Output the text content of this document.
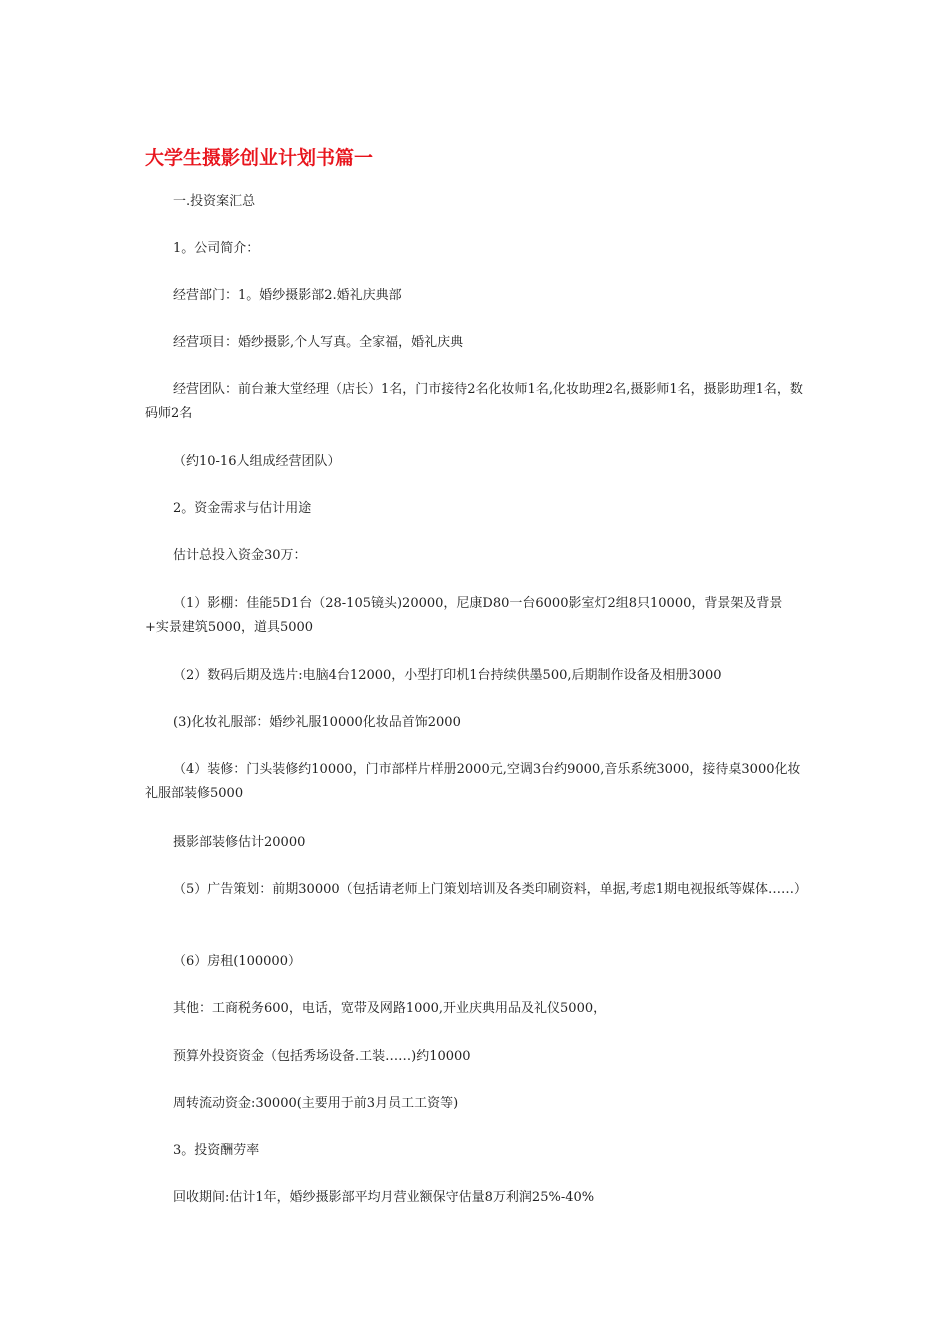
大学生摄影创业计划书篇一

一.投资案汇总

1。公司简介：

经营部门：1。婚纱摄影部2.婚礼庆典部

经营项目：婚纱摄影,个人写真。全家福，婚礼庆典

经营团队：前台兼大堂经理（店长）1名，门市接待2名化妆师1名,化妆助理2名,摄影师1名，摄影助理1名，数码师2名

（约10-16人组成经营团队）

2。资金需求与估计用途

估计总投入资金30万：

（1）影棚：佳能5D1台（28-105镜头)20000，尼康D80一台6000影室灯2组8只10000，背景架及背景+实景建筑5000，道具5000

（2）数码后期及选片:电脑4台12000，小型打印机1台持续供墨500,后期制作设备及相册3000

(3)化妆礼服部：婚纱礼服10000化妆品首饰2000

（4）装修：门头装修约10000，门市部样片样册2000元,空调3台约9000,音乐系统3000，接待桌3000化妆礼服部装修5000

摄影部装修估计20000

（5）广告策划：前期30000（包括请老师上门策划培训及各类印刷资料，单据,考虑1期电视报纸等媒体……）

（6）房租(100000）

其他：工商税务600，电话，宽带及网路1000,开业庆典用品及礼仪5000，

预算外投资资金（包括秀场设备.工装……)约10000

周转流动资金:30000(主要用于前3月员工工资等)

3。投资酬劳率

回收期间:估计1年，婚纱摄影部平均月营业额保守估量8万利润25%-40%
